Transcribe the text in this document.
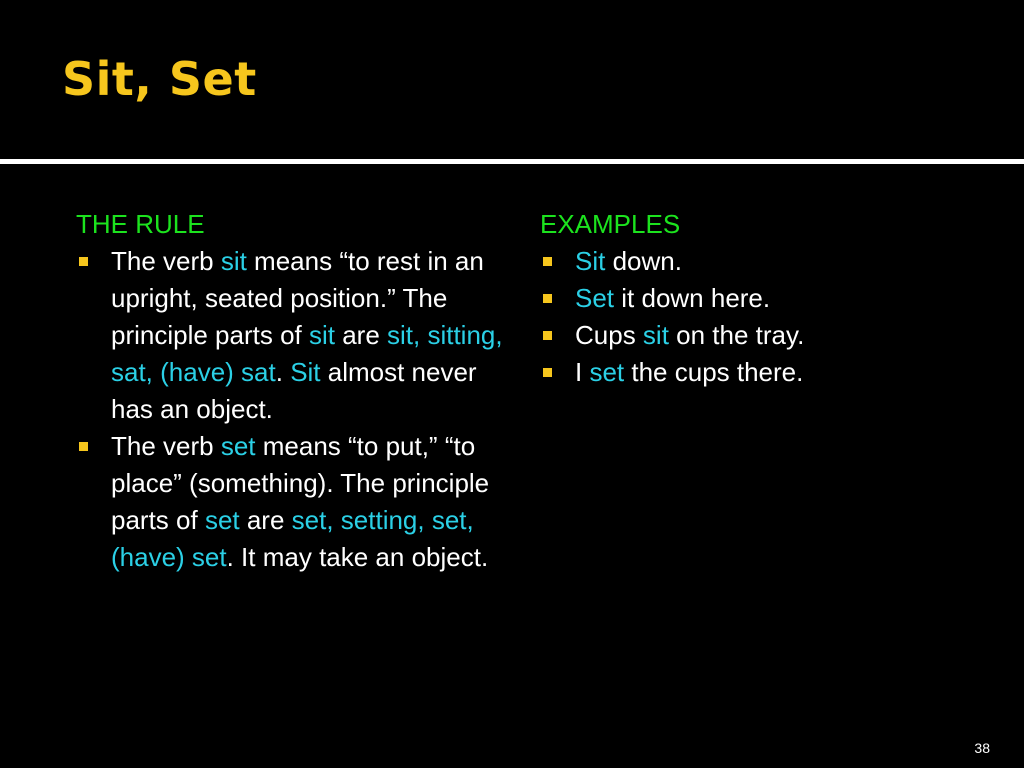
Sit, Set
THE RULE
The verb sit means “to rest in an upright, seated position.” The principle parts of sit are sit, sitting, sat, (have) sat. Sit almost never has an object.
The verb set means “to put,” “to place” (something). The principle parts of set are set, setting, set, (have) set. It may take an object.
EXAMPLES
Sit down.
Set it down here.
Cups sit on the tray.
I set the cups there.
38
